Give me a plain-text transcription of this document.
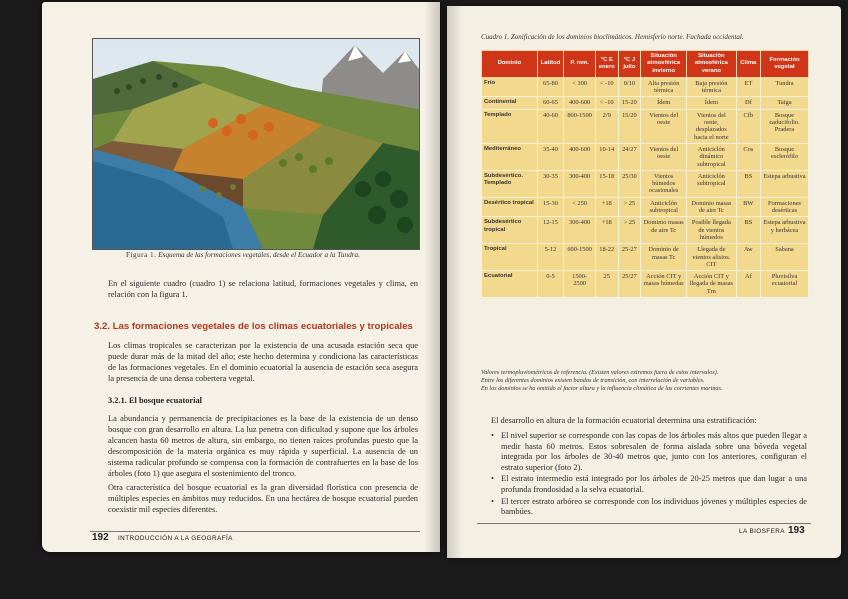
Figura 1. Esquema de las formaciones vegetales, desde el Ecuador a la Tundra.
En el siguiente cuadro (cuadro 1) se relaciona latitud, formaciones vegetales y clima, en relación con la figura 1.
3.2. Las formaciones vegetales de los climas ecuatoriales y tropicales
Los climas tropicales se caracterizan por la existencia de una acusada estación seca que puede durar más de la mitad del año; este hecho determina y condiciona las características de las formaciones vegetales. En el dominio ecuatorial la ausencia de estación seca asegura la presencia de una densa cobertera vegetal.
3.2.1. El bosque ecuatorial
La abundancia y permanencia de precipitaciones es la base de la existencia de un denso bosque con gran desarrollo en altura. La luz penetra con dificultad y supone que los árboles alcancen hasta 60 metros de altura, sin embargo, no tienen raíces profundas puesto que la descomposición de la materia orgánica es muy rápida y superficial. La ausencia de un sistema radicular profundo se compensa con la formación de contrafuertes en la base de los árboles (foto 1) que asegura el sostenimiento del tronco.
Otra característica del bosque ecuatorial es la gran diversidad florística con presencia de múltiples especies en ámbitos muy reducidos. En una hectárea de bosque ecuatorial pueden coexistir mil especies diferentes.
192 INTRODUCCIÓN A LA GEOGRAFÍA
Cuadro 1. Zonificación de los dominios bioclimáticos. Hemisferio norte. Fachada occidental.
Dominio	Latitud	P. mm.	°C E enero	°C J julio	Situación atmosférica invierno	Situación atmosférica verano	Clima	Formación vegetal
Frío	65-80	< 300	< -10	0/10	Alta presión térmica	Baja presión térmica	ET	Tundra
Continental	60-65	400-600	< -10	15-20	Ídem	Ídem	Df	Taiga
Templado	40-60	800-1500	2/9	15/20	Vientos del oeste	Vientos del oeste, desplazados hacia el norte	Cfb	Bosque caducifolio. Pradera
Mediterráneo	35-40	400-600	10-14	24/27	Vientos del oeste	Anticiclón dinámico subtropical	Cos	Bosque esclerófilo
Subdesértico. Templado	30-35	300-400	15-18	25/30	Vientos húmedos ocasionales	Anticiclón subtropical	BS	Estepa arbustiva
Desértico tropical	15-30	< 250	+18	> 25	Anticiclón subtropical	Dominio masas de aire Tc	BW	Formaciones desérticas
Subdesértico tropical	12-15	300-400	+18	> 25	Dominio masas de aire Tc	Posible llegada de vientos húmedos	BS	Estepa arbustiva y herbácea
Tropical	5-12	600-1500	18-22	25-27	Dominio de masas Tc	Llegada de vientos alisios. CIT	Aw	Sabana
Ecuatorial	0-5	1500-2500	25	25/27	Acción CIT y masas húmedas	Acción CIT y llegada de masas Tm	Af	Pluvisilva ecuatorial
Valores termopluviométricos de referencia. (Existen valores extremos fuera de estos intervalos).
Entre los diferentes dominios existen bandas de transición, con interrelación de variables.
En los dominios se ha omitido el factor altura y la influencia climática de las corrientes marinas.
El desarrollo en altura de la formación ecuatorial determina una estratificación:
• El nivel superior se corresponde con las copas de los árboles más altos que pueden llegar a medir hasta 60 metros. Estos sobresalen de forma aislada sobre una bóveda vegetal integrada por los árboles de 30-40 metros que, junto con los anteriores, configuran el estrato superior (foto 2).
• El estrato intermedio está integrado por los árboles de 20-25 metros que dan lugar a una profunda frondosidad a la selva ecuatorial.
• El tercer estrato arbóreo se corresponde con los individuos jóvenes y múltiples especies de bambúes.
LA BIOSFERA 193
